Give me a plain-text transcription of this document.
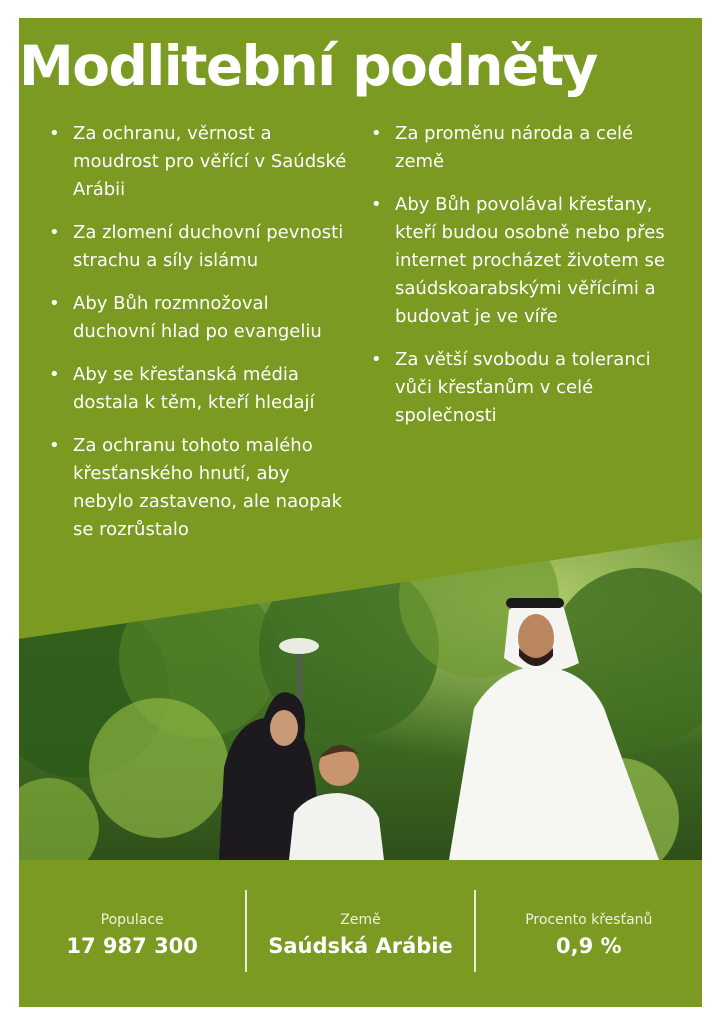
Modlitební podněty
• Za ochranu, věrnost a moudrost pro věřící v Saúdské Arábii
• Za zlomení duchovní pevnosti strachu a síly islámu
• Aby Bůh rozmnožoval duchovní hlad po evangeliu
• Aby se křesťanská média dostala k těm, kteří hledají
• Za ochranu tohoto malého křesťanského hnutí, aby nebylo zastaveno, ale naopak se rozrůstalo
• Za proměnu národa a celé země
• Aby Bůh povolával křesťany, kteří budou osobně nebo přes internet procházet životem se saúdskoarabskými věřícími a budovat je ve víře
• Za větší svobodu a toleranci vůči křesťanům v celé společnosti
Populace
17 987 300
Země
Saúdská Arábie
Procento křesťanů
0,9 %
